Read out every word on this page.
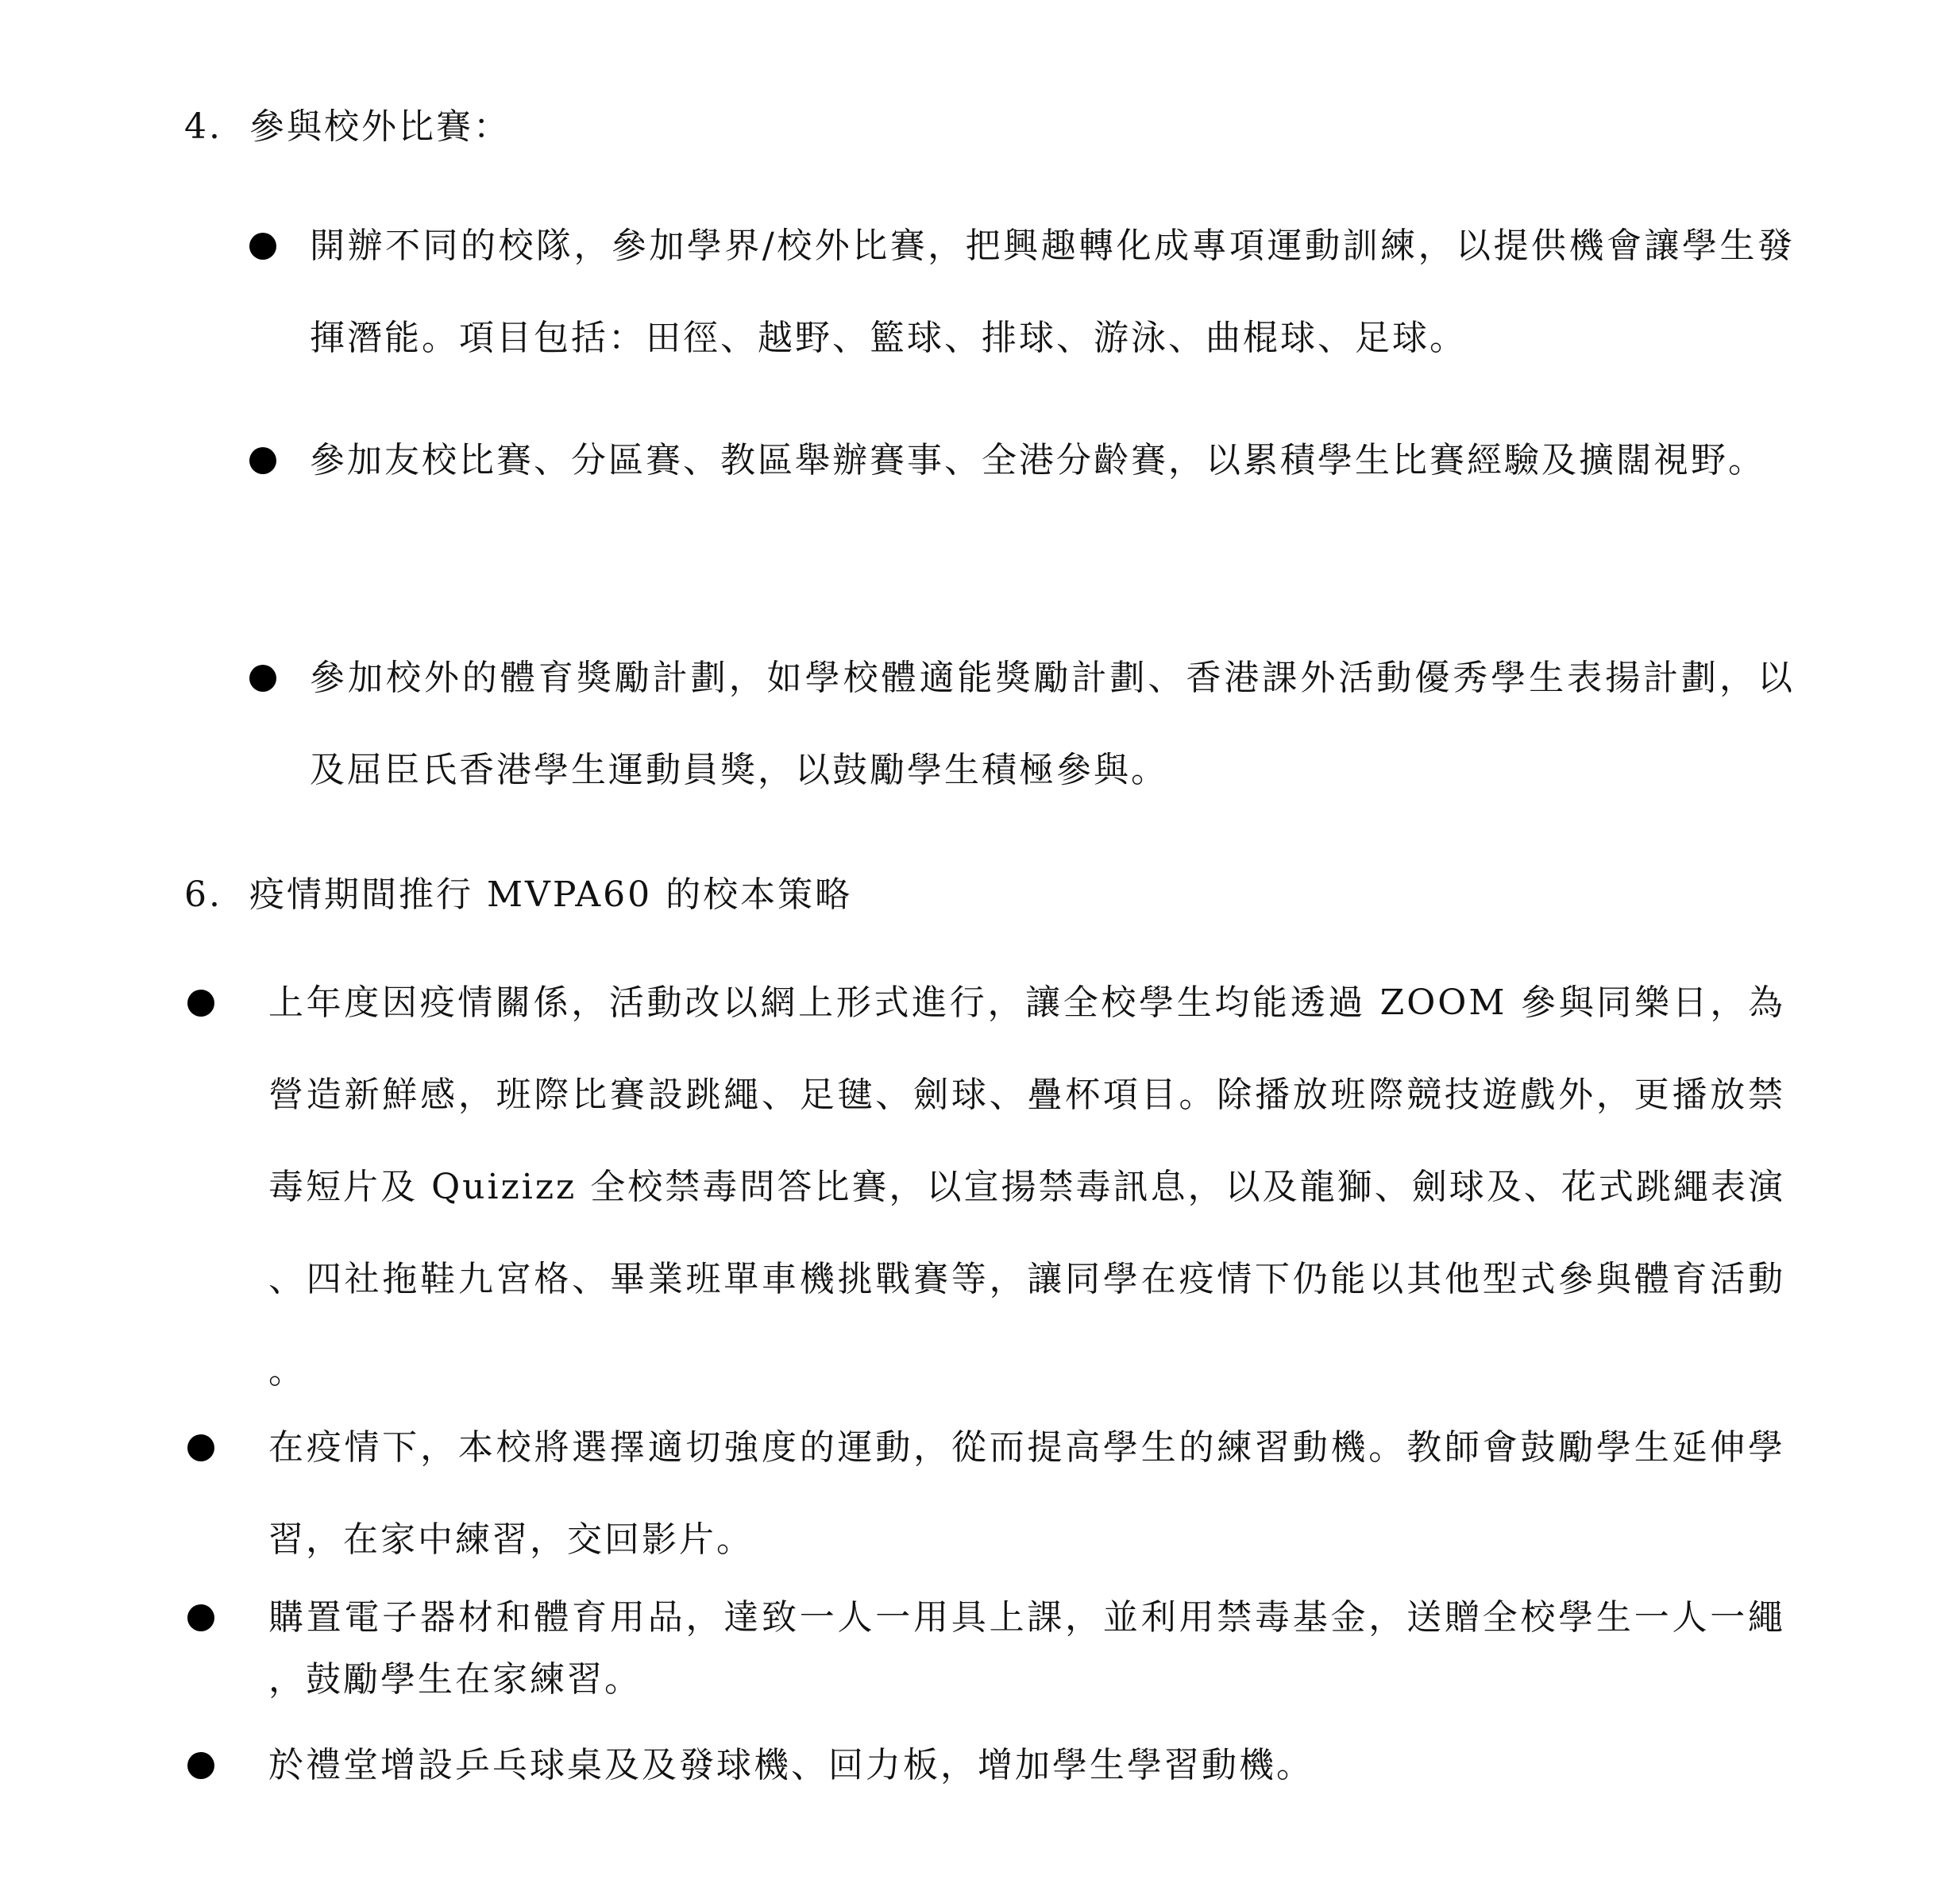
4. 參與校外比賽：
開辦不同的校隊，參加學界/校外比賽，把興趣轉化成專項運動訓練，以提供機會讓學生發揮潛能。項目包括：田徑、越野、籃球、排球、游泳、曲棍球、足球。
參加友校比賽、分區賽、教區舉辦賽事、全港分齡賽，以累積學生比賽經驗及擴闊視野。
參加校外的體育獎勵計劃，如學校體適能獎勵計劃、香港課外活動優秀學生表揚計劃，以及屈臣氏香港學生運動員獎，以鼓勵學生積極參與。
6. 疫情期間推行 MVPA60 的校本策略
上年度因疫情關係，活動改以網上形式進行，讓全校學生均能透過 ZOOM 參與同樂日，為營造新鮮感，班際比賽設跳繩、足毽、劍球、疊杯項目。除播放班際競技遊戲外，更播放禁毒短片及 Quizizz 全校禁毒問答比賽，以宣揚禁毒訊息，以及龍獅、劍球及、花式跳繩表演、四社拖鞋九宮格、畢業班單車機挑戰賽等，讓同學在疫情下仍能以其他型式參與體育活動。
在疫情下，本校將選擇適切強度的運動，從而提高學生的練習動機。教師會鼓勵學生延伸學習，在家中練習，交回影片。
購置電子器材和體育用品，達致一人一用具上課，並利用禁毒基金，送贈全校學生一人一繩，鼓勵學生在家練習。
於禮堂增設乒乓球桌及及發球機、回力板，增加學生學習動機。
